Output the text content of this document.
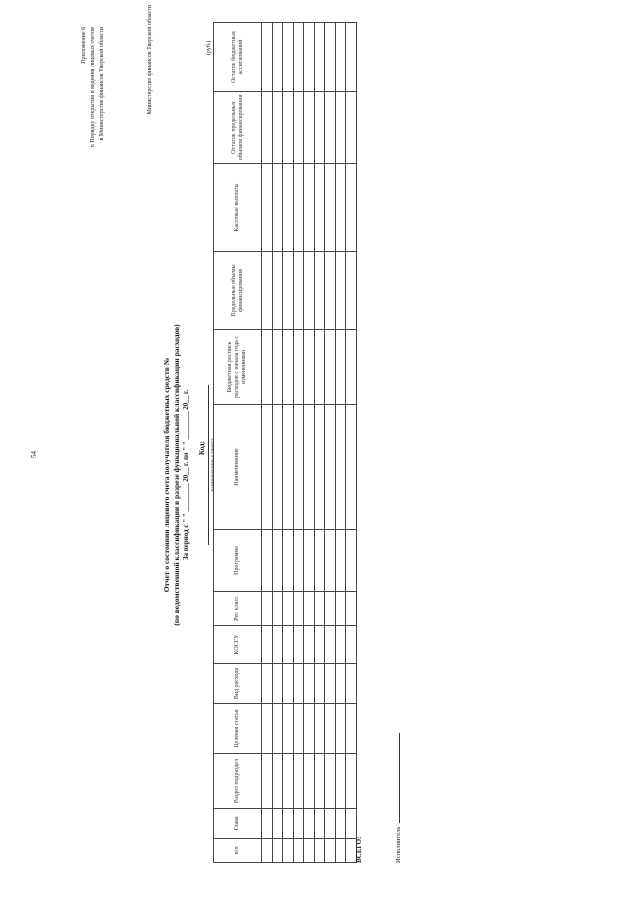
54
Приложение 6 к Порядку открытия и ведения лицевых счетов в Министерстве финансов Тверской области	Министерство финансов Тверской области
Отчет о состоянии лицевого счета получателя бюджетных средств № (по ведомственной классификации в разрезе функциональной классификации расходов) За период с " " ________ 20__ г. по " " ________ 20__ г. Код: наименование клиента
(руб.)
п/п	Глава	Раздел подраздел	Целевая статья	Вид расхода	КОСГУ	Рег. класс	Программа	Наименование	Бюджетная роспись расходов с начала года с изменениями	Предельные объемы финансирования	Кассовые выплаты	Остаток предельных объемов финансирования	Остаток бюджетных ассигнований

ВСЕГО:	Исполнитель
